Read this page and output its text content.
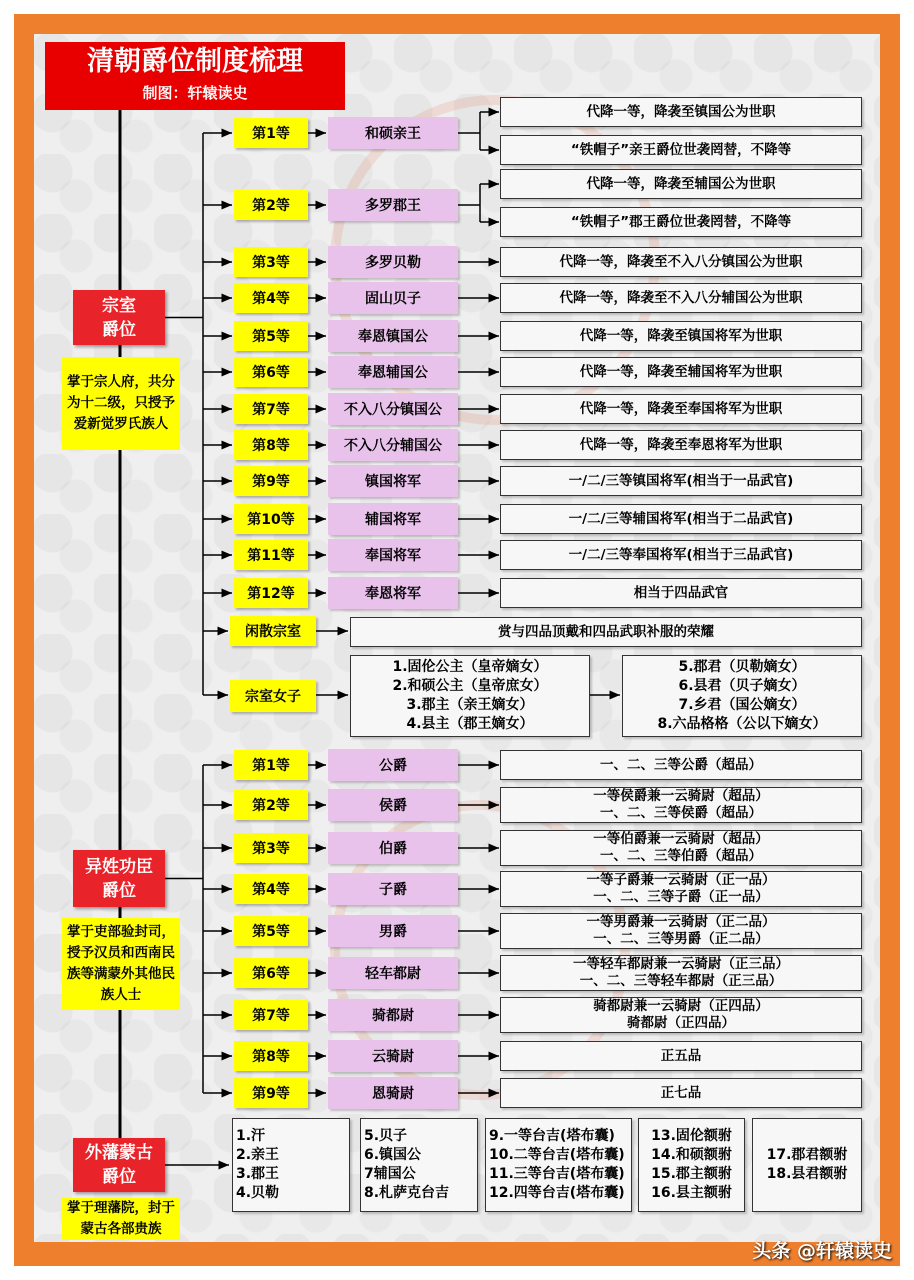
清朝爵位制度梳理
制图：轩辕读史
宗室
爵位
掌于宗人府，共分为十二级，只授予爱新觉罗氏族人
第1等	和硕亲王
代降一等，降袭至镇国公为世职
“铁帽子”亲王爵位世袭罔替，不降等
第2等	多罗郡王
代降一等，降袭至辅国公为世职
“铁帽子”郡王爵位世袭罔替，不降等
第3等	多罗贝勒	代降一等，降袭至不入八分镇国公为世职
第4等	固山贝子	代降一等，降袭至不入八分辅国公为世职
第5等	奉恩镇国公	代降一等，降袭至镇国将军为世职
第6等	奉恩辅国公	代降一等，降袭至辅国将军为世职
第7等	不入八分镇国公	代降一等，降袭至奉国将军为世职
第8等	不入八分辅国公	代降一等，降袭至奉恩将军为世职
第9等	镇国将军	一/二/三等镇国将军(相当于一品武官)
第10等	辅国将军	一/二/三等辅国将军(相当于二品武官)
第11等	奉国将军	一/二/三等奉国将军(相当于三品武官)
第12等	奉恩将军	相当于四品武官
闲散宗室	赏与四品顶戴和四品武职补服的荣耀
宗室女子
1.固伦公主（皇帝嫡女）
2.和硕公主（皇帝庶女）
3.郡主（亲王嫡女）
4.县主（郡王嫡女）
5.郡君（贝勒嫡女）
6.县君（贝子嫡女）
7.乡君（国公嫡女）
8.六品格格（公以下嫡女）
异姓功臣
爵位
掌于吏部验封司，授予汉员和西南民族等满蒙外其他民族人士
第1等	公爵	一、二、三等公爵（超品）
第2等	侯爵
一等侯爵兼一云骑尉（超品）
一、二、三等侯爵（超品）
第3等	伯爵
一等伯爵兼一云骑尉（超品）
一、二、三等伯爵（超品）
第4等	子爵
一等子爵兼一云骑尉（正一品）
一、二、三等子爵（正一品）
第5等	男爵
一等男爵兼一云骑尉（正二品）
一、二、三等男爵（正二品）
第6等	轻车都尉
一等轻车都尉兼一云骑尉（正三品）
一、二、三等轻车都尉（正三品）
第7等	骑都尉
骑都尉兼一云骑尉（正四品）
骑都尉（正四品）
第8等	云骑尉	正五品
第9等	恩骑尉	正七品
外藩蒙古
爵位
掌于理藩院，封于蒙古各部贵族
1.汗
2.亲王
3.郡王
4.贝勒
5.贝子
6.镇国公
7辅国公
8.札萨克台吉
9.一等台吉(塔布囊)
10.二等台吉(塔布囊)
11.三等台吉(塔布囊)
12.四等台吉(塔布囊)
13.固伦额驸
14.和硕额驸
15.郡主额驸
16.县主额驸
17.郡君额驸
18.县君额驸
头条 @轩辕读史
